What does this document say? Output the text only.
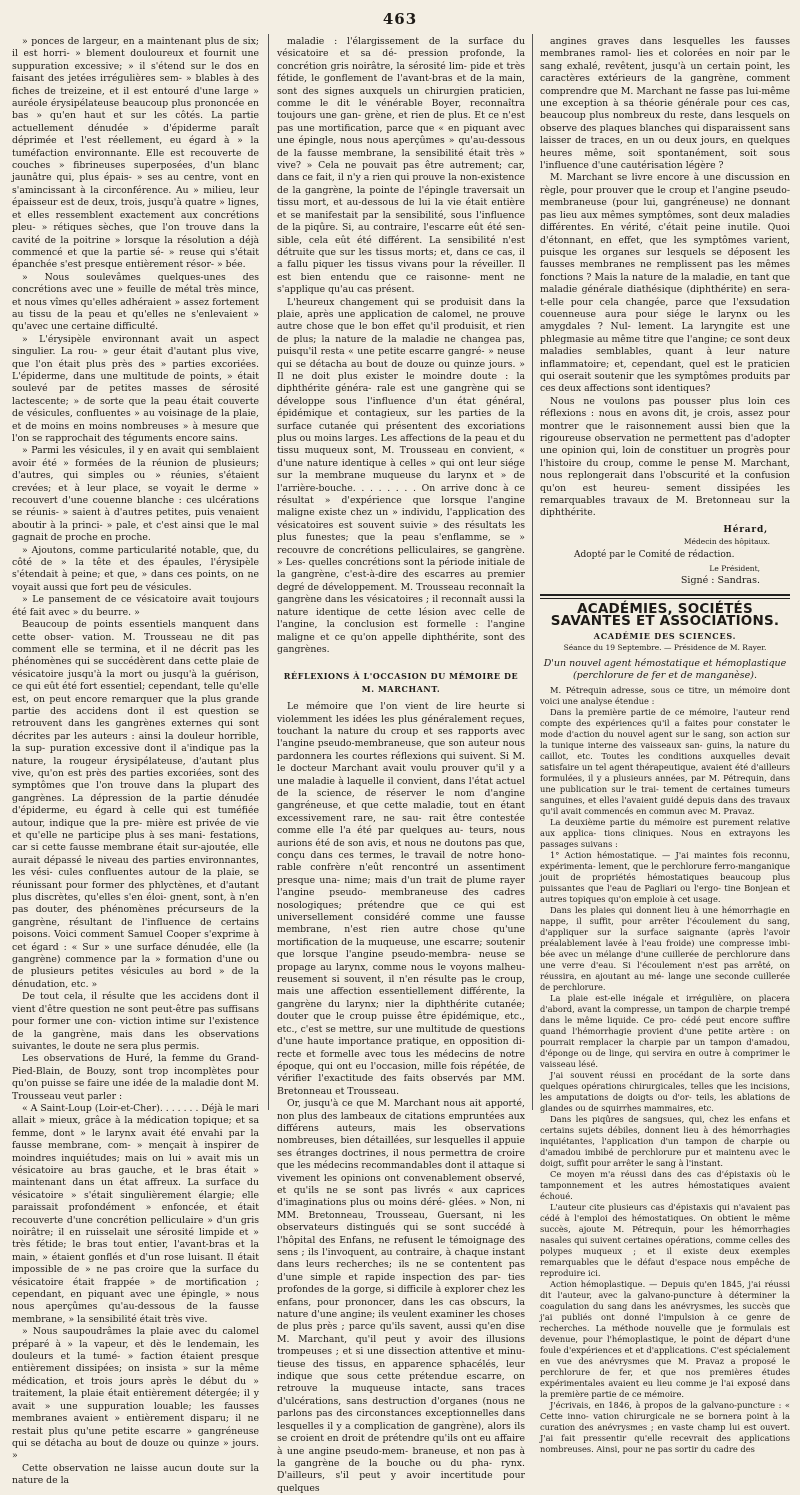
463

» ponces de largeur, en a maintenant plus de six; il est horri- » blement douloureux et fournit une suppuration excessive; » il s'étend sur le dos en faisant des jetées irrégulières sem- » blables à des fiches de treizeine, et il est entouré d'une large » auréole érysipélateuse beaucoup plus prononcée en bas » qu'en haut et sur les côtés. La partie actuellement dénudée » d'épiderme paraît déprimée et l'est réellement, eu égard à » la tuméfaction environnante. Elle est recouverte de couches » fibrineuses superposées, d'un blanc jaunâtre qui, plus épais- » ses au centre, vont en s'amincissant à la circonférence. Au » milieu, leur épaisseur est de deux, trois, jusqu'à quatre » lignes, et elles ressemblent exactement aux concrétions pleu- » rétiques sèches, que l'on trouve dans la cavité de la poitrine » lorsque la résolution a déjà commencé et que la partie sé- » reuse qui s'était épanchée s'est presque entièrement résor- » bée.

» Nous soulevâmes quelques-unes des concrétions avec une » feuille de métal très mince, et nous vîmes qu'elles adhéraient » assez fortement au tissu de la peau et qu'elles ne s'enlevaient » qu'avec une certaine difficulté.

» L'érysipèle environnant avait un aspect singulier. La rou- » geur était d'autant plus vive, que l'on était plus près des » parties excoriées. L'épiderme, dans une multitude de points, » était soulevé par de petites masses de sérosité lactescente; » de sorte que la peau était couverte de vésicules, confluentes » au voisinage de la plaie, et de moins en moins nombreuses » à mesure que l'on se rapprochait des téguments encore sains.

» Parmi les vésicules, il y en avait qui semblaient avoir été » formées de la réunion de plusieurs; d'autres, qui simples ou » réunies, s'étaient crevées; et à leur place, se voyait le derme » recouvert d'une couenne blanche : ces ulcérations se réunis- » saient à d'autres petites, puis venaient aboutir à la princi- » pale, et c'est ainsi que le mal gagnait de proche en proche.

» Ajoutons, comme particularité notable, que, du côté de » la tête et des épaules, l'érysipèle s'étendait à peine; et que, » dans ces points, on ne voyait aussi que fort peu de vésicules.

» Le pansement de ce vésicatoire avait toujours été fait avec » du beurre. »

Beaucoup de points essentiels manquent dans cette obser- vation. M. Trousseau ne dit pas comment elle se termina, et il ne décrit pas les phénomènes qui se succédèrent dans cette plaie de vésicatoire jusqu'à la mort ou jusqu'à la guérison, ce qui eût été fort essentiel; cependant, telle qu'elle est, on peut encore remarquer que la plus grande partie des accidens dont il est question se retrouvent dans les gangrènes externes qui sont décrites par les auteurs : ainsi la douleur horrible, la sup- puration excessive dont il a'indique pas la nature, la rougeur érysipélateuse, d'autant plus vive, qu'on est près des parties excoriées, sont des symptômes que l'on trouve dans la plupart des gangrènes. La dépression de la partie dénudée d'épiderme, eu égard à celle qui est tuméfiée autour, indique que la pre- mière est privée de vie et qu'elle ne participe plus à ses mani- festations, car si cette fausse membrane était sur-ajoutée, elle aurait dépassé le niveau des parties environnantes, les vési- cules confluentes autour de la plaie, se réunissant pour former des phlyctènes, et d'autant plus discrètes, qu'elles s'en éloi- gnent, sont, à n'en pas douter, des phénomènes précurseurs de la gangrène, résultant de l'influence de certains poisons. Voici comment Samuel Cooper s'exprime à cet égard : « Sur » une surface dénudée, elle (la gangrène) commence par la » formation d'une ou de plusieurs petites vésicules au bord » de la dénudation, etc. »

De tout cela, il résulte que les accidens dont il vient d'être question ne sont peut-être pas suffisans pour former une con- viction intime sur l'existence de la gangrène, mais dans les observations suivantes, le doute ne sera plus permis.

Les observations de Huré, la femme du Grand-Pied-Blain, de Bouzy, sont trop incomplètes pour qu'on puisse se faire une idée de la maladie dont M. Trousseau veut parler :

« A Saint-Loup (Loir-et-Cher). . . . . . . Déjà le mari allait » mieux, grâce à la médication topique; et sa femme, dont » le larynx avait été envahi par la fausse membrane, com- » mençait à inspirer de moindres inquiétudes; mais on lui » avait mis un vésicatoire au bras gauche, et le bras était » maintenant dans un état affreux. La surface du vésicatoire » s'était singulièrement élargie; elle paraissait profondément » enfoncée, et était recouverte d'une concrétion pelliculaire » d'un gris noirâtre; il en ruisselait une sérosité limpide et » très fétide; le bras tout entier, l'avant-bras et la main, » étaient gonflés et d'un rose luisant. Il était impossible de » ne pas croire que la surface du vésicatoire était frappée » de mortification ; cependant, en piquant avec une épingle, » nous nous aperçûmes qu'au-dessous de la fausse membrane, » la sensibilité était très vive.

» Nous saupoudrâmes la plaie avec du calomel préparé à » la vapeur, et dès le lendemain, les douleurs et la tumé- » faction étaient presque entièrement dissipées; on insista » sur la même médication, et trois jours après le début du » traitement, la plaie était entièrement détergée; il y avait » une suppuration louable; les fausses membranes avaient » entièrement disparu; il ne restait plus qu'une petite escarre » gangréneuse qui se détacha au bout de douze ou quinze » jours. »

Cette observation ne laisse aucun doute sur la nature de la

maladie : l'élargissement de la surface du vésicatoire et sa dé- pression profonde, la concrétion gris noirâtre, la sérosité lim- pide et très fétide, le gonflement de l'avant-bras et de la main, sont des signes auxquels un chirurgien praticien, comme le dit le vénérable Boyer, reconnaîtra toujours une gan- grène, et rien de plus. Et ce n'est pas une mortification, parce que « en piquant avec une épingle, nous nous aperçûmes » qu'au-dessous de la fausse membrane, la sensibilité était très » vive? » Cela ne pouvait pas être autrement; car, dans ce fait, il n'y a rien qui prouve la non-existence de la gangrène, la pointe de l'épingle traversait un tissu mort, et au-dessous de lui la vie était entière et se manifestait par la sensibilité, sous l'influence de la piqûre. Si, au contraire, l'escarre eût été sen- sible, cela eût été différent. La sensibilité n'est détruite que sur les tissus morts; et, dans ce cas, il a fallu piquer les tissus vivans pour la réveiller. Il est bien entendu que ce raisonne- ment ne s'applique qu'au cas présent.

L'heureux changement qui se produisit dans la plaie, après une application de calomel, ne prouve autre chose que le bon effet qu'il produisit, et rien de plus; la nature de la maladie ne changea pas, puisqu'il resta « une petite escarre gangré- » neuse qui se détacha au bout de douze ou quinze jours. » Il ne doit plus exister le moindre doute : la diphthérite généra- rale est une gangrène qui se développe sous l'influence d'un état général, épidémique et contagieux, sur les parties de la surface cutanée qui présentent des excoriations plus ou moins larges. Les affections de la peau et du tissu muqueux sont, M. Trousseau en convient, « d'une nature identique à celles » qui ont leur siége sur la membrane muqueuse du larynx et » de l'arrière-bouche. . . . . . . . On arrive donc à ce résultat » d'expérience que lorsque l'angine maligne existe chez un » individu, l'application des vésicatoires est souvent suivie » des résultats les plus funestes; que la peau s'enflamme, se » recouvre de concrétions pelliculaires, se gangrène. » Les- quelles concrétions sont la période initiale de la gangrène, c'est-à-dire des escarres au premier degré de développement. M. Trousseau reconnaît la gangrène dans les vésicatoires ; il reconnaît aussi la nature identique de cette lésion avec celle de l'angine, la conclusion est formelle : l'angine maligne et ce qu'on appelle diphthérite, sont des gangrènes.

RÉFLEXIONS À L'OCCASION DU MÉMOIRE DE M. MARCHANT.

Le mémoire que l'on vient de lire heurte si violemment les idées les plus généralement reçues, touchant la nature du croup et ses rapports avec l'angine pseudo-membraneuse, que son auteur nous pardonnera les courtes réflexions qui suivent. Si M. le docteur Marchant avait voulu prouver qu'il y a une maladie à laquelle il convient, dans l'état actuel de la science, de réserver le nom d'angine gangréneuse, et que cette maladie, tout en étant excessivement rare, ne sau- rait être contestée comme elle l'a été par quelques au- teurs, nous aurions été de son avis, et nous ne doutons pas que, conçu dans ces termes, le travail de notre hono- rable confrère n'eût rencontré un assentiment presque una- nime; mais d'un trait de plume rayer l'angine pseudo- membraneuse des cadres nosologiques; prétendre que ce qui est universellement considéré comme une fausse membrane, n'est rien autre chose qu'une mortification de la muqueuse, une escarre; soutenir que lorsque l'angine pseudo-membra- neuse se propage au larynx, comme nous le voyons malheu- reusement si souvent, il n'en résulte pas le croup, mais une affection essentiellement différente, la gangrène du larynx; nier la diphthérite cutanée; douter que le croup puisse être épidémique, etc., etc., c'est se mettre, sur une multitude de questions d'une haute importance pratique, en opposition di- recte et formelle avec tous les médecins de notre époque, qui ont eu l'occasion, mille fois répétée, de vérifier l'exactitude des faits observés par MM. Bretonneau et Trousseau.

Or, jusqu'à ce que M. Marchant nous ait apporté, non plus des lambeaux de citations empruntées aux différens auteurs, mais les observations nombreuses, bien détaillées, sur lesquelles il appuie ses étranges doctrines, il nous permettra de croire que les médecins recommandables dont il attaque si vivement les opinions ont convenablement observé, et qu'ils ne se sont pas livrés « aux caprices d'imaginations plus ou moins déré- glées. » Non, ni MM. Bretonneau, Trousseau, Guersant, ni les observateurs distingués qui se sont succédé à l'hôpital des Enfans, ne refusent le témoignage des sens ; ils l'invoquent, au contraire, à chaque instant dans leurs recherches; ils ne se contentent pas d'une simple et rapide inspection des par- ties profondes de la gorge, si difficile à explorer chez les enfans, pour prononcer, dans les cas obscurs, la nature d'une angine; ils veulent examiner les choses de plus près ; parce qu'ils savent, aussi qu'en dise M. Marchant, qu'il peut y avoir des illusions trompeuses ; et si une dissection attentive et minu- tieuse des tissus, en apparence sphacélés, leur indique que sous cette prétendue escarre, on retrouve la muqueuse intacte, sans traces d'ulcérations, sans destruction d'organes (nous ne parlons pas des circonstances exceptionnelles dans lesquelles il y a complication de gangrène), alors ils se croient en droit de prétendre qu'ils ont eu affaire à une angine pseudo-mem- braneuse, et non pas à la gangrène de la bouche ou du pha- rynx. D'ailleurs, s'il peut y avoir incertitude pour quelques

angines graves dans lesquelles les fausses membranes ramol- lies et colorées en noir par le sang exhalé, revêtent, jusqu'à un certain point, les caractères extérieurs de la gangrène, comment comprendre que M. Marchant ne fasse pas lui-même une exception à sa théorie générale pour ces cas, beaucoup plus nombreux du reste, dans lesquels on observe des plaques blanches qui disparaissent sans laisser de traces, en un ou deux jours, en quelques heures même, soit spontanément, soit sous l'influence d'une cautérisation légère ?

M. Marchant se livre encore à une discussion en règle, pour prouver que le croup et l'angine pseudo-membraneuse (pour lui, gangréneuse) ne donnant pas lieu aux mêmes symptômes, sont deux maladies différentes. En vérité, c'était peine inutile. Quoi d'étonnant, en effet, que les symptômes varient, puisque les organes sur lesquels se déposent les fausses membranes ne remplissent pas les mêmes fonctions ? Mais la nature de la maladie, en tant que maladie générale diathésique (diphthérite) en sera-t-elle pour cela changée, parce que l'exsudation couenneuse aura pour siége le larynx ou les amygdales ? Nul- lement. La laryngite est une phlegmasie au même titre que l'angine; ce sont deux maladies semblables, quant à leur nature inflammatoire; et, cependant, quel est le praticien qui oserait soutenir que les symptômes produits par ces deux affections sont identiques?

Nous ne voulons pas pousser plus loin ces réflexions : nous en avons dit, je crois, assez pour montrer que le raisonnement aussi bien que la rigoureuse observation ne permettent pas d'adopter une opinion qui, loin de constituer un progrès pour l'histoire du croup, comme le pense M. Marchant, nous replongerait dans l'obscurité et la confusion qu'on est heureu- sement dissipées les remarquables travaux de M. Bretonneau sur la diphthérite.

Hérard,
Médecin des hôpitaux.
Adopté par le Comité de rédaction.
Le Président,
Signé : Sandras.
ACADÉMIES, SOCIÉTÉS SAVANTES ET ASSOCIATIONS.
ACADÉMIE DES SCIENCES.
Séance du 19 Septembre. — Présidence de M. Rayer.
D'un nouvel agent hémostatique et hémoplastique (perchlorure de fer et de manganèse).

M. Pétrequin adresse, sous ce titre, un mémoire dont voici une analyse étendue :

Dans la première partie de ce mémoire, l'auteur rend compte des expériences qu'il a faites pour constater le mode d'action du nouvel agent sur le sang, son action sur la tunique interne des vaisseaux san- guins, la nature du caillot, etc. Toutes les conditions auxquelles devait satisfaire un tel agent thérapeutique, avaient été d'ailleurs formulées, il y a plusieurs années, par M. Pétrequin, dans une publication sur le trai- tement de certaines tumeurs sanguines, et elles l'avaient guidé depuis dans des travaux qu'il avait commencés en commun avec M. Pravaz.

La deuxième partie du mémoire est purement relative aux applica- tions cliniques. Nous en extrayons les passages suivans :

1° Action hémostatique. — J'ai maintes fois reconnu, expérimenta- lement, que le perchlorure ferro-manganique jouit de propriétés hémostatiques beaucoup plus puissantes que l'eau de Pagliari ou l'ergo- tine Bonjean et autres topiques qu'on emploie à cet usage.

Dans les plaies qui donnent lieu à une hémorrhagie en nappe, il suffit, pour arrêter l'écoulement du sang, d'appliquer sur la surface saignante (après l'avoir préalablement lavée à l'eau froide) une compresse imbi- bée avec un mélange d'une cuillerée de perchlorure dans une verre d'eau. Si l'écoulement n'est pas arrêté, on réussira, en ajoutant au mé- lange une seconde cuillerée de perchlorure.

La plaie est-elle inégale et irrégulière, on placera d'abord, avant la compresse, un tampon de charpie trempé dans le même liquide. Ce pro- cédé peut encore suffire quand l'hémorrhagie provient d'une petite artère : on pourrait remplacer la charpie par un tampon d'amadou, d'éponge ou de linge, qui servira en outre à comprimer le vaisseau lésé.

J'ai souvent réussi en procédant de la sorte dans quelques opérations chirurgicales, telles que les incisions, les amputations de doigts ou d'or- teils, les ablations de glandes ou de squirrhes mammaires, etc.

Dans les piqûres de sangsues, qui, chez les enfans et certains sujets débiles, donnent lieu à des hémorrhagies inquiétantes, l'application d'un tampon de charpie ou d'amadou imbibé de perchlorure pur et maintenu avec le doigt, suffit pour arrêter le sang à l'instant.

Ce moyen m'a réussi dans des cas d'épistaxis où le tamponnement et les autres hémostatiques avaient échoué.

L'auteur cite plusieurs cas d'épistaxis qui n'avaient pas cédé à l'emploi des hémostatiques. On obtient le même succès, ajoute M. Pétrequin, pour les hémorrhagies nasales qui suivent certaines opérations, comme celles des polypes muqueux ; et il existe deux exemples remarquables que le défaut d'espace nous empêche de reproduire ici.

Action hémoplastique. — Depuis qu'en 1845, j'ai réussi dit l'auteur, avec la galvano-puncture à déterminer la coagulation du sang dans les anévrysmes, les succès que j'ai publiés ont donné l'impulsion à ce genre de recherches. La méthode nouvelle que je formulais est devenue, pour l'hémoplastique, le point de départ d'une foule d'expériences et et d'applications. C'est spécialement en vue des anévrysmes que M. Pravaz a proposé le perchlorure de fer, et que nos premières études expérimentales avaient eu lieu comme je l'ai exposé dans la première partie de ce mémoire.

J'écrivais, en 1846, à propos de la galvano-puncture : « Cette inno- vation chirurgicale ne se bornera point à la curation des anévrysmes ; en vaste champ lui est ouvert. J'ai fait pressentir qu'elle recevrait des applications nombreuses. Ainsi, pour ne pas sortir du cadre des
